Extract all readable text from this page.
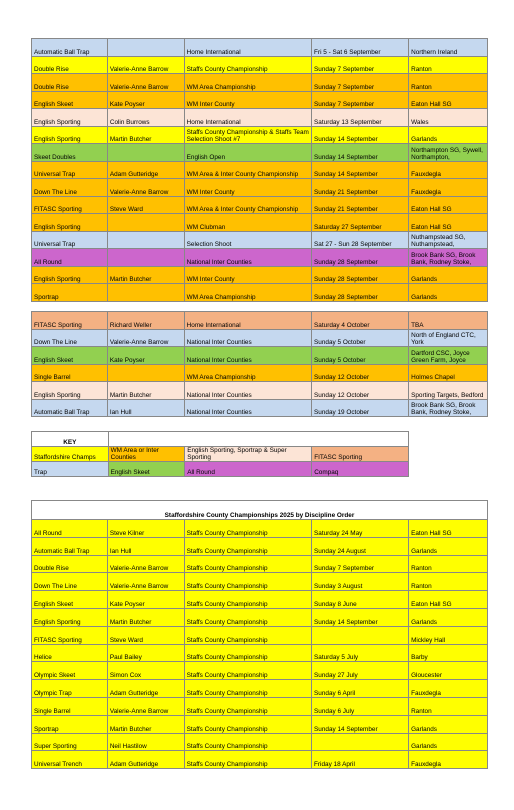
Automatic Ball Trap		Home International	Fri 5 - Sat 6 September	Northern Ireland
Double Rise	Valerie-Anne Barrow	Staffs County Championship	Sunday 7 September	Ranton
Double Rise	Valerie-Anne Barrow	WM Area Championship	Sunday 7 September	Ranton
English Skeet	Kate Poyser	WM Inter County	Sunday 7 September	Eaton Hall SG
English Sporting	Colin Burrows	Home International	Saturday 13 September	Wales
English Sporting	Martin Butcher	Staffs County Championship & Staffs Team Selection Shoot #7	Sunday 14 September	Garlands
Skeet Doubles		English Open	Sunday 14 September	Northampton SG, Sywell, Northampton,
Universal Trap	Adam Gutteridge	WM Area & Inter County Championship	Sunday 14 September	Fauxdegla
Down The Line	Valerie-Anne Barrow	WM Inter County	Sunday 21 September	Fauxdegla
FITASC Sporting	Steve Ward	WM Area & Inter County Championship	Sunday 21 September	Eaton Hall SG
English Sporting		WM Clubman	Saturday 27 September	Eaton Hall SG
Universal Trap		Selection Shoot	Sat 27 - Sun 28 September	Nuthampstead SG, Nuthampstead,
All Round		National Inter Counties	Sunday 28 September	Brook Bank SG, Brook Bank, Rodney Stoke,
English Sporting	Martin Butcher	WM Inter County	Sunday 28 September	Garlands
Sportrap		WM Area Championship	Sunday 28 September	Garlands
FITASC Sporting	Richard Weller	Home International	Saturday 4 October	TBA
Down The Line	Valerie-Anne Barrow	National Inter Counties	Sunday 5 October	North of England CTC, York
English Skeet	Kate Poyser	National Inter Counties	Sunday 5 October	Dartford CSC, Joyce Green Farm, Joyce
Single Barrel		WM Area Championship	Sunday 12 October	Holmes Chapel
English Sporting	Martin Butcher	National Inter Counties	Sunday 12 October	Sporting Targets, Bedford
Automatic Ball Trap	Ian Hull	National Inter Counties	Sunday 19 October	Brook Bank SG, Brook Bank, Rodney Stoke,
KEY			
Staffordshire Champs	WM Area or Inter Counties	English Sporting, Sportrap & Super Sporting	FITASC Sporting
Trap	English Skeet	All Round	Compaq
Staffordshire County Championships 2025 by Discipline Order				
All Round	Steve Kilner	Staffs County Championship	Saturday 24 May	Eaton Hall SG
Automatic Ball Trap	Ian Hull	Staffs County Championship	Sunday 24 August	Garlands
Double Rise	Valerie-Anne Barrow	Staffs County Championship	Sunday 7 September	Ranton
Down The Line	Valerie-Anne Barrow	Staffs County Championship	Sunday 3 August	Ranton
English Skeet	Kate Poyser	Staffs County Championship	Sunday 8 June	Eaton Hall SG
English Sporting	Martin Butcher	Staffs County Championship	Sunday 14 September	Garlands
FITASC Sporting	Steve Ward	Staffs County Championship		Mickley Hall
Helice	Paul Bailey	Staffs County Championship	Saturday 5 July	Barby
Olympic Skeet	Simon Cox	Staffs County Championship	Sunday 27 July	Gloucester
Olympic Trap	Adam Gutteridge	Staffs County Championship	Sunday 6 April	Fauxdegla
Single Barrel	Valerie-Anne Barrow	Staffs County Championship	Sunday 6 July	Ranton
Sportrap	Martin Butcher	Staffs County Championship	Sunday 14 September	Garlands
Super Sporting	Neil Hastilow	Staffs County Championship		Garlands
Universal Trench	Adam Gutteridge	Staffs County Championship	Friday 18 April	Fauxdegla
